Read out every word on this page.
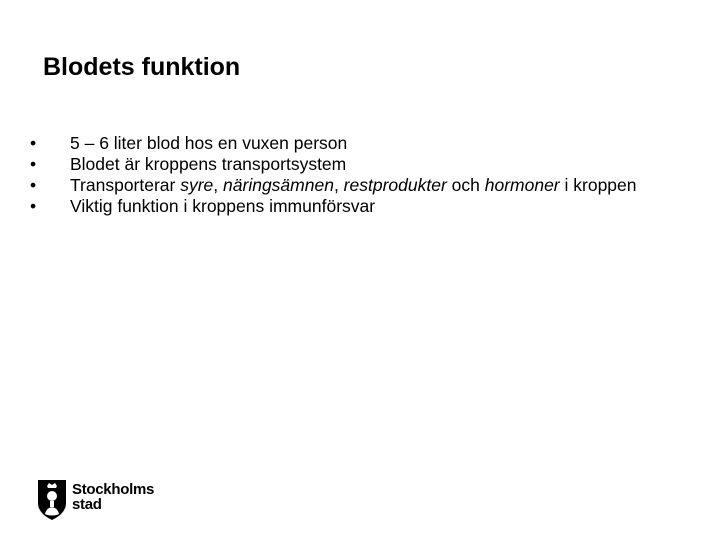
Blodets funktion
•	5 – 6 liter blod hos en vuxen person
•	Blodet är kroppens transportsystem
•	Transporterar syre, näringsämnen, restprodukter och hormoner i kroppen
•	Viktig funktion i kroppens immunförsvar
Stockholms
stad
